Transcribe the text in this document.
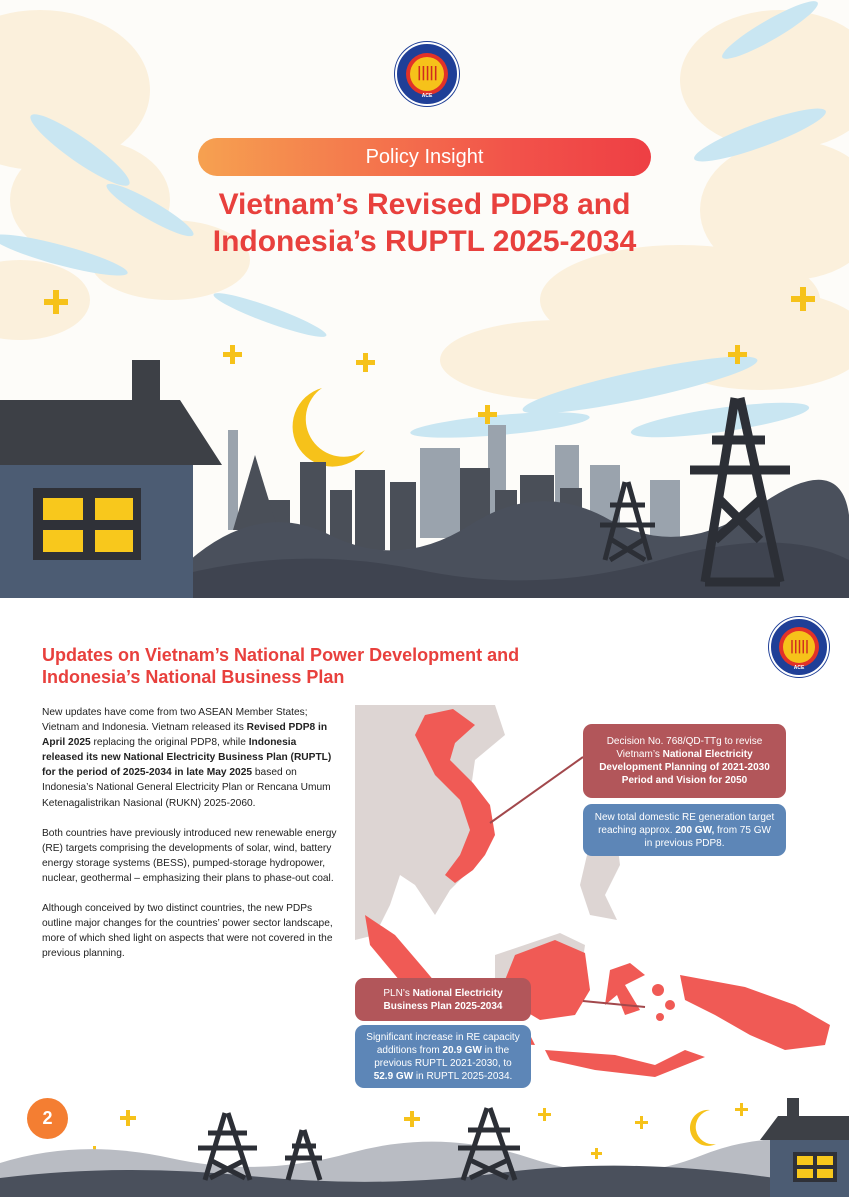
|||||
ACE
Policy Insight
Vietnam’s Revised PDP8 and
Indonesia’s RUPTL 2025-2034
|||||
ACE
Updates on Vietnam’s National Power Development and
Indonesia’s National Business Plan

New updates have come from two ASEAN Member States; Vietnam and Indonesia. Vietnam released its Revised PDP8 in April 2025 replacing the original PDP8, while Indonesia released its new National Electricity Business Plan (RUPTL) for the period of 2025-2034 in late May 2025 based on Indonesia’s National General Electricity Plan or Rencana Umum Ketenagalistrikan Nasional (RUKN) 2025-2060.

Both countries have previously introduced new renewable energy (RE) targets comprising the developments of solar, wind, battery energy storage systems (BESS), pumped-storage hydropower, nuclear, geothermal – emphasizing their plans to phase-out coal.

Although conceived by two distinct countries, the new PDPs outline major changes for the countries’ power sector landscape, more of which shed light on aspects that were not covered in the previous planning.

Decision No. 768/QD-TTg to revise Vietnam’s National Electricity Development Planning of 2021-2030 Period and Vision for 2050
New total domestic RE generation target reaching approx. 200 GW, from 75 GW in previous PDP8.
PLN’s National Electricity Business Plan 2025-2034
Significant increase in RE capacity additions from 20.9 GW in the previous RUPTL 2021-2030, to 52.9 GW in RUPTL 2025-2034.
2
